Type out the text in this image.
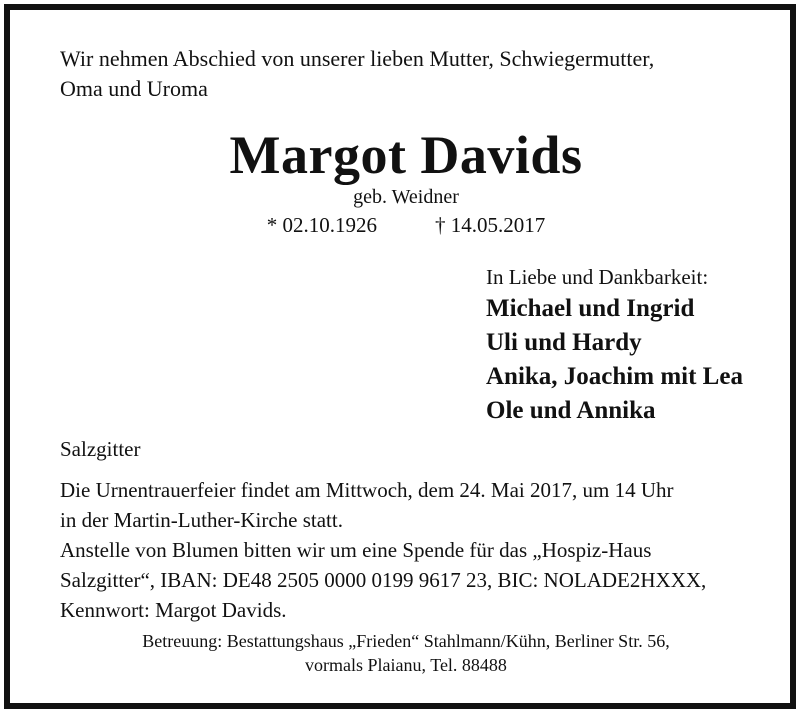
Wir nehmen Abschied von unserer lieben Mutter, Schwiegermutter,
Oma und Uroma
Margot Davids
geb. Weidner
* 02.10.1926	† 14.05.2017
In Liebe und Dankbarkeit:
Michael und Ingrid
Uli und Hardy
Anika, Joachim mit Lea
Ole und Annika
Salzgitter
Die Urnentrauerfeier findet am Mittwoch, dem 24. Mai 2017, um 14 Uhr
in der Martin-Luther-Kirche statt.
Anstelle von Blumen bitten wir um eine Spende für das „Hospiz-Haus
Salzgitter“, IBAN: DE48 2505 0000 0199 9617 23, BIC: NOLADE2HXXX,
Kennwort: Margot Davids.
Betreuung: Bestattungshaus „Frieden“ Stahlmann/Kühn, Berliner Str. 56,
vormals Plaianu, Tel. 88488
